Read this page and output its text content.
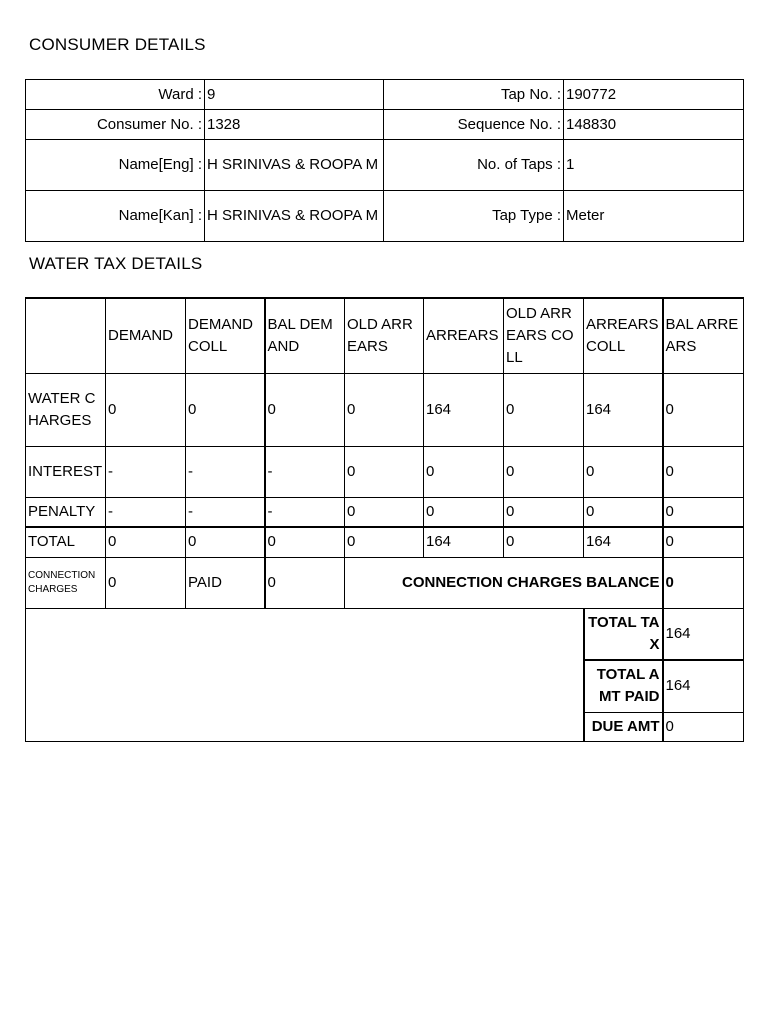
CONSUMER DETAILS
Ward :	9	Tap No. :	190772
Consumer No. :	1328	Sequence No. :	148830
Name[Eng] :	H SRINIVAS & ROOPA M	No. of Taps :	1
Name[Kan] :	H SRINIVAS & ROOPA M	Tap Type :	Meter
WATER TAX DETAILS
	DEMAND	DEMAND COLL	BAL DEMAND	OLD ARREARS	ARREARS	OLD ARREARS COLL	ARREARS COLL	BAL ARREARS
WATER CHARGES	0	0	0	0	164	0	164	0
INTEREST	-	-	-	0	0	0	0	0
PENALTY	-	-	-	0	0	0	0	0
TOTAL	0	0	0	0	164	0	164	0
CONNECTION CHARGES	0	PAID	0	CONNECTION CHARGES BALANCE				0
							TOTAL TAX	164
							TOTAL AMT PAID	164
							DUE AMT	0
